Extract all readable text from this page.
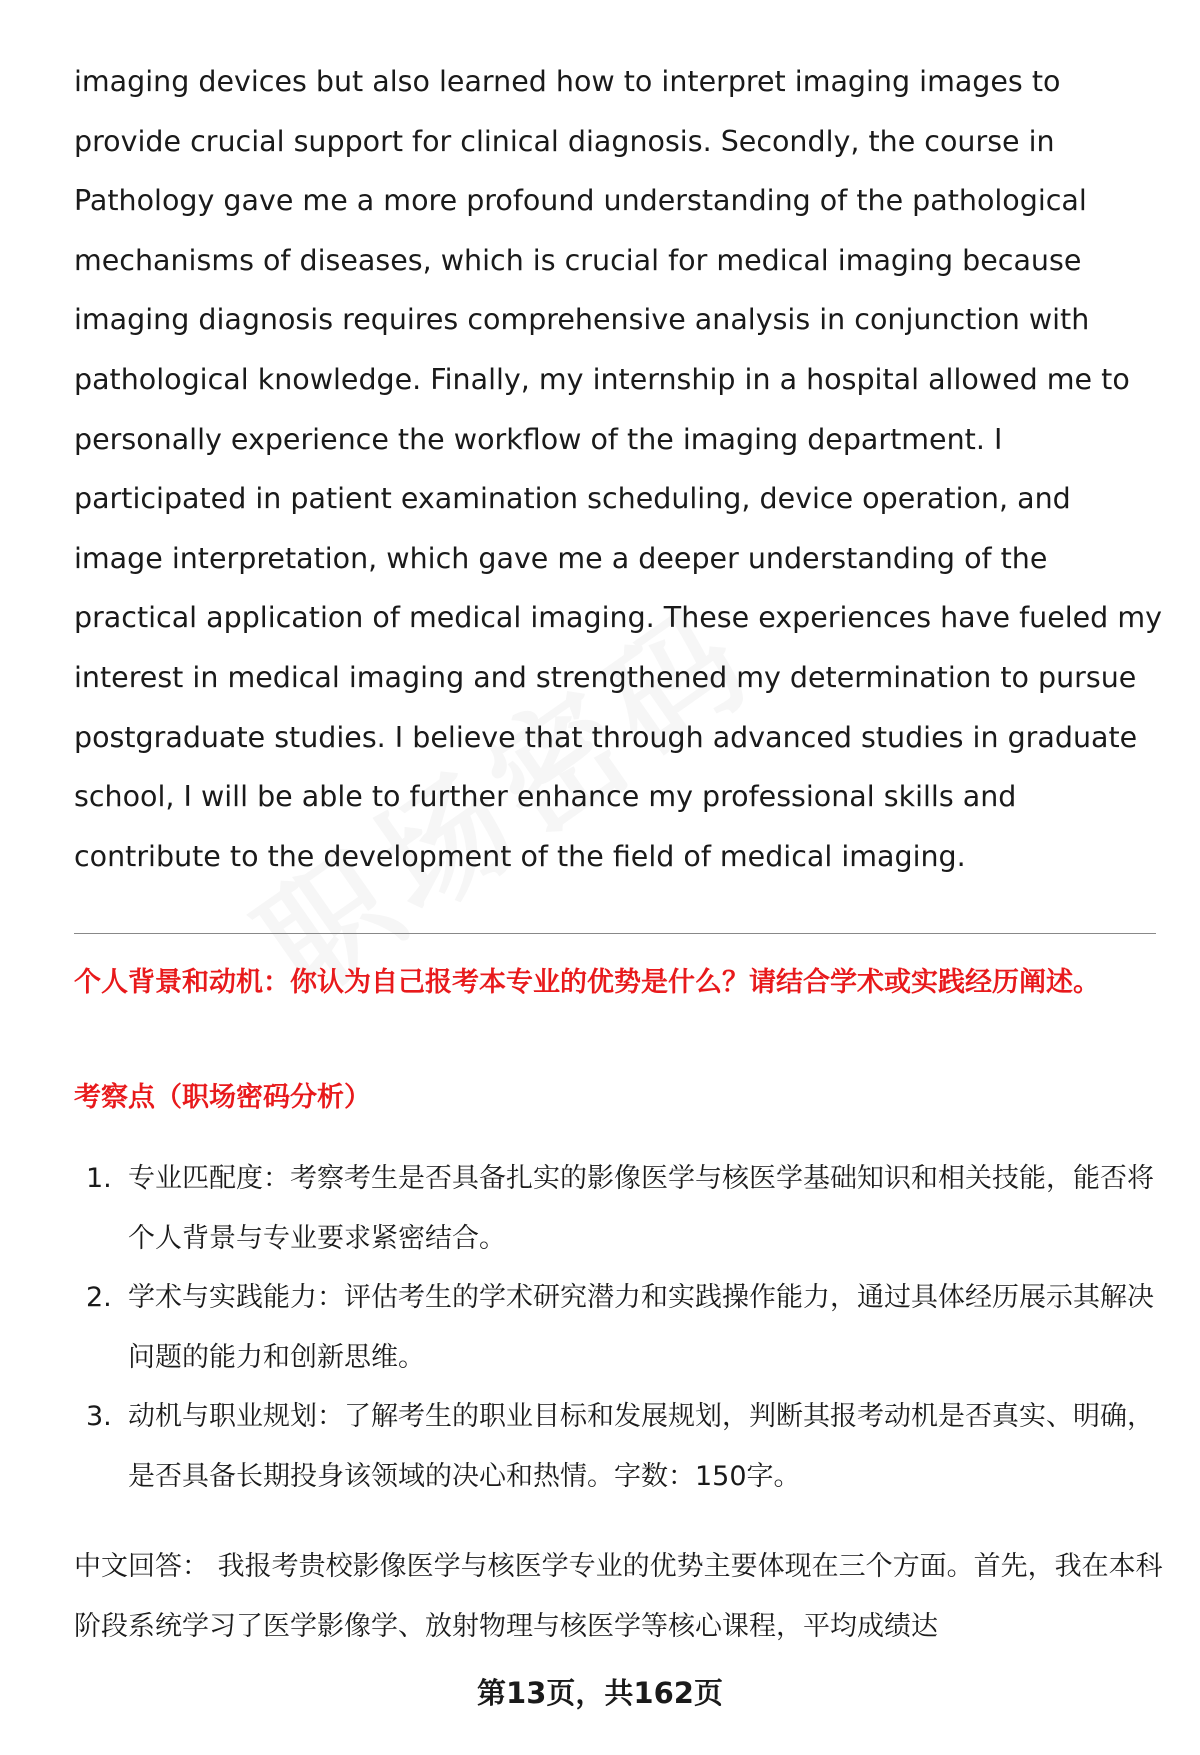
imaging devices but also learned how to interpret imaging images to provide crucial support for clinical diagnosis. Secondly, the course in Pathology gave me a more profound understanding of the pathological mechanisms of diseases, which is crucial for medical imaging because imaging diagnosis requires comprehensive analysis in conjunction with pathological knowledge. Finally, my internship in a hospital allowed me to personally experience the workflow of the imaging department. I participated in patient examination scheduling, device operation, and image interpretation, which gave me a deeper understanding of the practical application of medical imaging. These experiences have fueled my interest in medical imaging and strengthened my determination to pursue postgraduate studies. I believe that through advanced studies in graduate school, I will be able to further enhance my professional skills and contribute to the development of the field of medical imaging.

个人背景和动机：你认为自己报考本专业的优势是什么？请结合学术或实践经历阐述。

考察点（职场密码分析）

1. 专业匹配度：考察考生是否具备扎实的影像医学与核医学基础知识和相关技能，能否将个人背景与专业要求紧密结合。
2. 学术与实践能力：评估考生的学术研究潜力和实践操作能力，通过具体经历展示其解决问题的能力和创新思维。
3. 动机与职业规划：了解考生的职业目标和发展规划，判断其报考动机是否真实、明确，是否具备长期投身该领域的决心和热情。字数：150字。

中文回答： 我报考贵校影像医学与核医学专业的优势主要体现在三个方面。首先，我在本科阶段系统学习了医学影像学、放射物理与核医学等核心课程，平均成绩达

第13页，共162页
